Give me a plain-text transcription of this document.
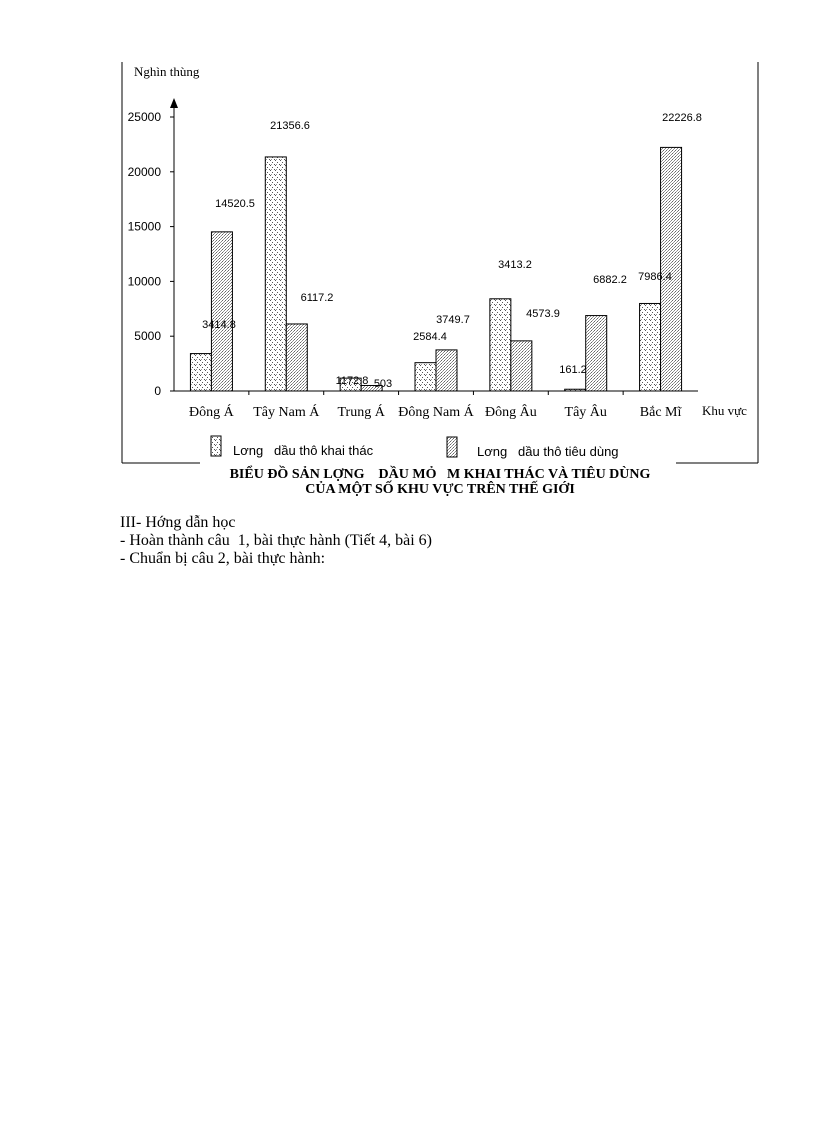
Nghìn thùng
0
5000
10000
15000
20000
25000
3414.8
14520.5
21356.6
6117.2
1172.8 503
2584.4
3749.7
3413.2
4573.9
161.2
6882.2 7986.4
22226.8
Đông Á Tây Nam Á Trung Á Đông Nam Á Đông Âu Tây Âu Bắc Mĩ Khu vực
Lơng   dầu thô khai thác	Lơng   dầu thô tiêu dùng
BIỂU ĐỒ SẢN LỢNG    DẦU MỎ   M KHAI THÁC VÀ TIÊU DÙNG
CỦA MỘT SỐ KHU VỰC TRÊN THẾ GIỚI
III- Hớng dẫn học
- Hoàn thành câu  1, bài thực hành (Tiết 4, bài 6)
- Chuẩn bị câu 2, bài thực hành:
